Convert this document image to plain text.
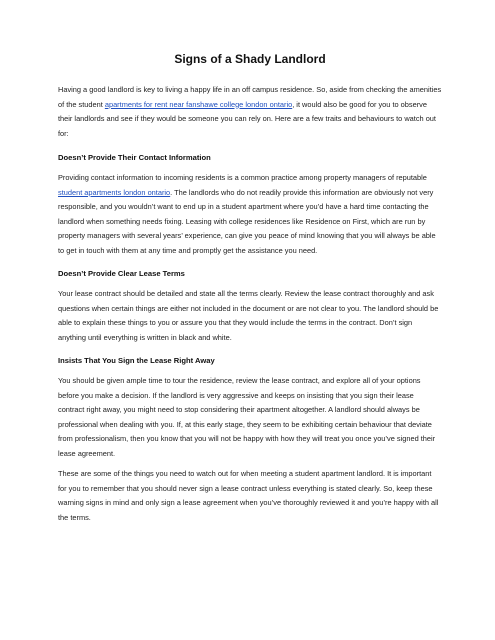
Signs of a Shady Landlord

Having a good landlord is key to living a happy life in an off campus residence. So, aside from checking the amenities of the student apartments for rent near fanshawe college london ontario, it would also be good for you to observe their landlords and see if they would be someone you can rely on. Here are a few traits and behaviours to watch out for:

Doesn’t Provide Their Contact Information

Providing contact information to incoming residents is a common practice among property managers of reputable student apartments london ontario. The landlords who do not readily provide this information are obviously not very responsible, and you wouldn’t want to end up in a student apartment where you’d have a hard time contacting the landlord when something needs fixing. Leasing with college residences like Residence on First, which are run by property managers with several years’ experience, can give you peace of mind knowing that you will always be able to get in touch with them at any time and promptly get the assistance you need.

Doesn’t Provide Clear Lease Terms

Your lease contract should be detailed and state all the terms clearly. Review the lease contract thoroughly and ask questions when certain things are either not included in the document or are not clear to you. The landlord should be able to explain these things to you or assure you that they would include the terms in the contract. Don’t sign anything until everything is written in black and white.

Insists That You Sign the Lease Right Away

You should be given ample time to tour the residence, review the lease contract, and explore all of your options before you make a decision. If the landlord is very aggressive and keeps on insisting that you sign their lease contract right away, you might need to stop considering their apartment altogether. A landlord should always be professional when dealing with you. If, at this early stage, they seem to be exhibiting certain behaviour that deviate from professionalism, then you know that you will not be happy with how they will treat you once you’ve signed their lease agreement.

These are some of the things you need to watch out for when meeting a student apartment landlord. It is important for you to remember that you should never sign a lease contract unless everything is stated clearly. So, keep these warning signs in mind and only sign a lease agreement when you’ve thoroughly reviewed it and you’re happy with all the terms.
